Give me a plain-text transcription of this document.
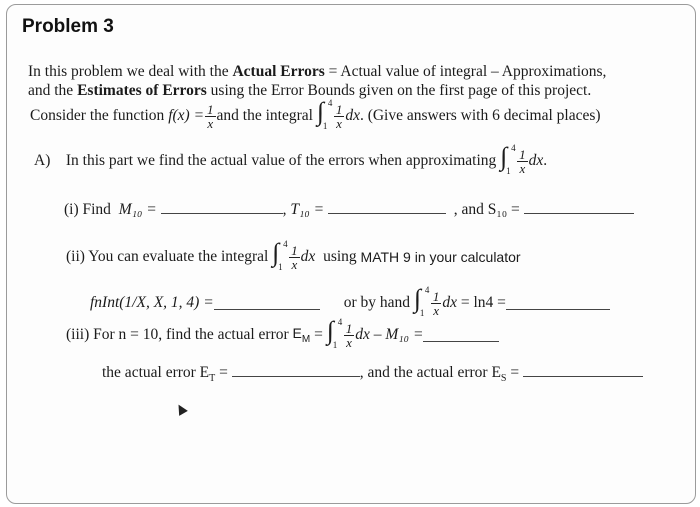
Problem 3
In this problem we deal with the Actual Errors = Actual value of integral – Approximations,
and the Estimates of Errors using the Error Bounds given on the first page of this project.
Consider the function
$f(x) = \frac{1}{x}$ and the integral
∫ 4
$1 \frac{1}{x}$ dx . (Give answers with 6 decimal places)
A)
In this part we find the actual value of the errors when approximating
∫ 4
$1 \frac{1}{x}$ dx .
(i) Find M₁₀ =	, T₁₀ =	, and S₁₀ =
(ii) You can evaluate the integral
∫ 4
$1 \frac{1}{x}$ dx
using
MATH 9 in your calculator
fnInt(1/X, X, 1, 4) =	or by hand
∫ 4
$1 \frac{1}{x}$ dx
= ln4 =
(iii) For n = 10, find the actual error
$E_M$
=
∫ 4
$1 \frac{1}{x}$ dx
– M₁₀ =
the actual error $E_T$ =	, and the actual error $E_S$ =
